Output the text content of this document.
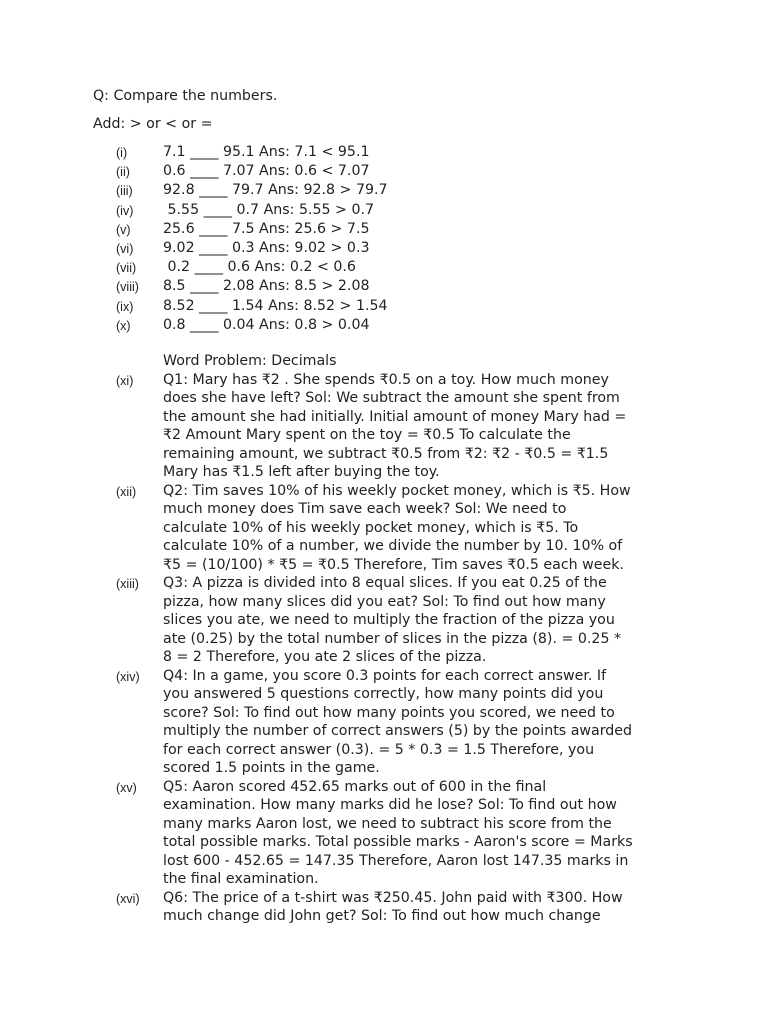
Q: Compare the numbers.
Add: > or < or =
(i)	7.1 ____ 95.1 Ans: 7.1 < 95.1
(ii) 0.6 ____ 7.07 Ans: 0.6 < 7.07
(iii) 92.8 ____ 79.7 Ans: 92.8 > 79.7
(iv) 5.55 ____ 0.7 Ans: 5.55 > 0.7
(v) 25.6 ____ 7.5 Ans: 25.6 > 7.5
(vi) 9.02 ____ 0.3 Ans: 9.02 > 0.3
(vii) 0.2 ____ 0.6 Ans: 0.2 < 0.6
(viii) 8.5 ____ 2.08 Ans: 8.5 > 2.08
(ix) 8.52 ____ 1.54 Ans: 8.52 > 1.54
(x) 0.8 ____ 0.04 Ans: 0.8 > 0.04
Word Problem: Decimals
(xi) Q1: Mary has ₹2 . She spends ₹0.5 on a toy. How much money
does she have left? Sol: We subtract the amount she spent from
the amount she had initially. Initial amount of money Mary had =
₹2 Amount Mary spent on the toy = ₹0.5 To calculate the
remaining amount, we subtract ₹0.5 from ₹2: ₹2 - ₹0.5 = ₹1.5
Mary has ₹1.5 left after buying the toy.

(xii) Q2: Tim saves 10% of his weekly pocket money, which is ₹5. How
much money does Tim save each week? Sol: We need to
calculate 10% of his weekly pocket money, which is ₹5. To
calculate 10% of a number, we divide the number by 10. 10% of
₹5 = (10/100) * ₹5 = ₹0.5 Therefore, Tim saves ₹0.5 each week.

(xiii) Q3: A pizza is divided into 8 equal slices. If you eat 0.25 of the
pizza, how many slices did you eat? Sol: To find out how many
slices you ate, we need to multiply the fraction of the pizza you
ate (0.25) by the total number of slices in the pizza (8). = 0.25 *
8 = 2 Therefore, you ate 2 slices of the pizza.

(xiv) Q4: In a game, you score 0.3 points for each correct answer. If
you answered 5 questions correctly, how many points did you
score? Sol: To find out how many points you scored, we need to
multiply the number of correct answers (5) by the points awarded
for each correct answer (0.3). = 5 * 0.3 = 1.5 Therefore, you
scored 1.5 points in the game.

(xv) Q5: Aaron scored 452.65 marks out of 600 in the final
examination. How many marks did he lose? Sol: To find out how
many marks Aaron lost, we need to subtract his score from the
total possible marks. Total possible marks - Aaron's score = Marks
lost 600 - 452.65 = 147.35 Therefore, Aaron lost 147.35 marks in
the final examination.

(xvi) Q6: The price of a t-shirt was ₹250.45. John paid with ₹300. How
much change did John get? Sol: To find out how much change
